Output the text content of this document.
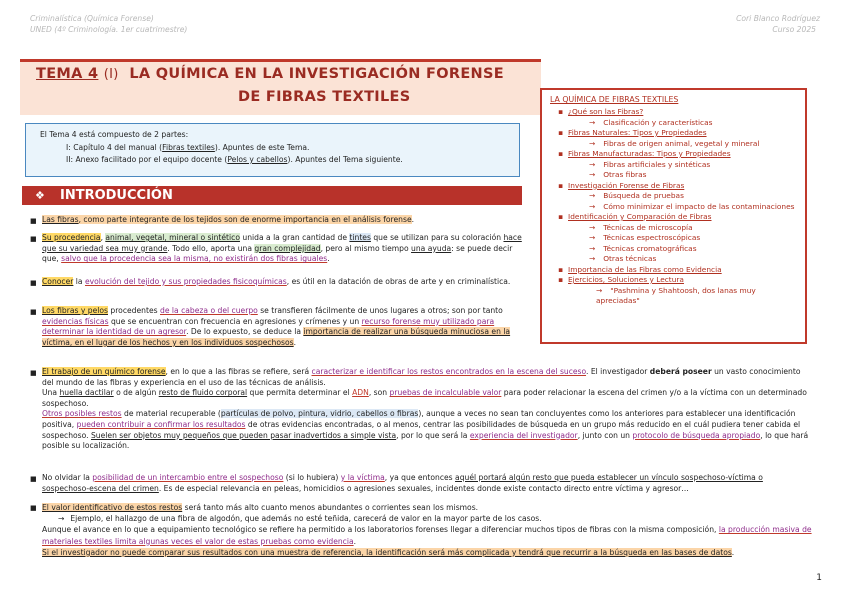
Criminalística (Química Forense)
UNED (4º Criminología. 1er cuatrimestre)
Cori Blanco Rodríguez
Curso 2025
TEMA 4 (I) LA QUÍMICA EN LA INVESTIGACIÓN FORENSE
DE FIBRAS TEXTILES	LA QUÍMICA DE FIBRAS TEXTILES
▪ ¿Qué son las Fibras?
→ Clasificación y características
▪ Fibras Naturales: Tipos y Propiedades
→ Fibras de origen animal, vegetal y mineral
▪ Fibras Manufacturadas: Tipos y Propiedades
→ Fibras artificiales y sintéticas
→ Otras fibras
▪ Investigación Forense de Fibras
→ Búsqueda de pruebas
→ Cómo minimizar el impacto de las contaminaciones
▪ Identificación y Comparación de Fibras
→ Técnicas de microscopía
→ Técnicas espectroscópicas
→ Técnicas cromatográficas
→ Otras técnicas
▪ Importancia de las Fibras como Evidencia
▪ Ejercicios, Soluciones y Lectura
→ "Pashmina y Shahtoosh, dos lanas muy apreciadas"
El Tema 4 está compuesto de 2 partes:
I: Capítulo 4 del manual (Fibras textiles). Apuntes de este Tema.
II: Anexo facilitado por el equipo docente (Pelos y cabellos). Apuntes del Tema siguiente.
❖ INTRODUCCIÓN
■ Las fibras, como parte integrante de los tejidos son de enorme importancia en el análisis forense.
■ Su procedencia, animal, vegetal, mineral o sintético unida a la gran cantidad de tintes que se utilizan para su coloración hace que su variedad sea muy grande. Todo ello, aporta una gran complejidad, pero al mismo tiempo una ayuda: se puede decir que, salvo que la procedencia sea la misma, no existirán dos fibras iguales.
■ Conocer la evolución del tejido y sus propiedades fisicoquímicas, es útil en la datación de obras de arte y en criminalística.
■ Los fibras y pelos procedentes de la cabeza o del cuerpo se transfieren fácilmente de unos lugares a otros; son por tanto evidencias físicas que se encuentran con frecuencia en agresiones y crímenes y un recurso forense muy utilizado para determinar la identidad de un agresor. De lo expuesto, se deduce la importancia de realizar una búsqueda minuciosa en la víctima, en el lugar de los hechos y en los individuos sospechosos.
■ El trabajo de un químico forense, en lo que a las fibras se refiere, será caracterizar e identificar los restos encontrados en la escena del suceso. El investigador deberá poseer un vasto conocimiento del mundo de las fibras y experiencia en el uso de las técnicas de análisis.
Una huella dactilar o de algún resto de fluido corporal que permita determinar el ADN, son pruebas de incalculable valor para poder relacionar la escena del crimen y/o a la víctima con un determinado sospechoso.
Otros posibles restos de material recuperable (partículas de polvo, pintura, vidrio, cabellos o fibras), aunque a veces no sean tan concluyentes como los anteriores para establecer una identificación positiva, pueden contribuir a confirmar los resultados de otras evidencias encontradas, o al menos, centrar las posibilidades de búsqueda en un grupo más reducido en el cuál pudiera tener cabida el sospechoso. Suelen ser objetos muy pequeños que pueden pasar inadvertidos a simple vista, por lo que será la experiencia del investigador, junto con un protocolo de búsqueda apropiado, lo que hará posible su localización.
■ No olvidar la posibilidad de un intercambio entre el sospechoso (si lo hubiera) y la víctima, ya que entonces aquél portará algún resto que pueda establecer un vínculo sospechoso-víctima o sospechoso-escena del crimen. Es de especial relevancia en peleas, homicidios o agresiones sexuales, incidentes donde existe contacto directo entre víctima y agresor…
■ El valor identificativo de estos restos será tanto más alto cuanto menos abundantes o corrientes sean los mismos.
→ Ejemplo, el hallazgo de una fibra de algodón, que además no esté teñida, carecerá de valor en la mayor parte de los casos.
Aunque el avance en lo que a equipamiento tecnológico se refiere ha permitido a los laboratorios forenses llegar a diferenciar muchos tipos de fibras con la misma composición, la producción masiva de materiales textiles limita algunas veces el valor de estas pruebas como evidencia.
Si el investigador no puede comparar sus resultados con una muestra de referencia, la identificación será más complicada y tendrá que recurrir a la búsqueda en las bases de datos.
1
